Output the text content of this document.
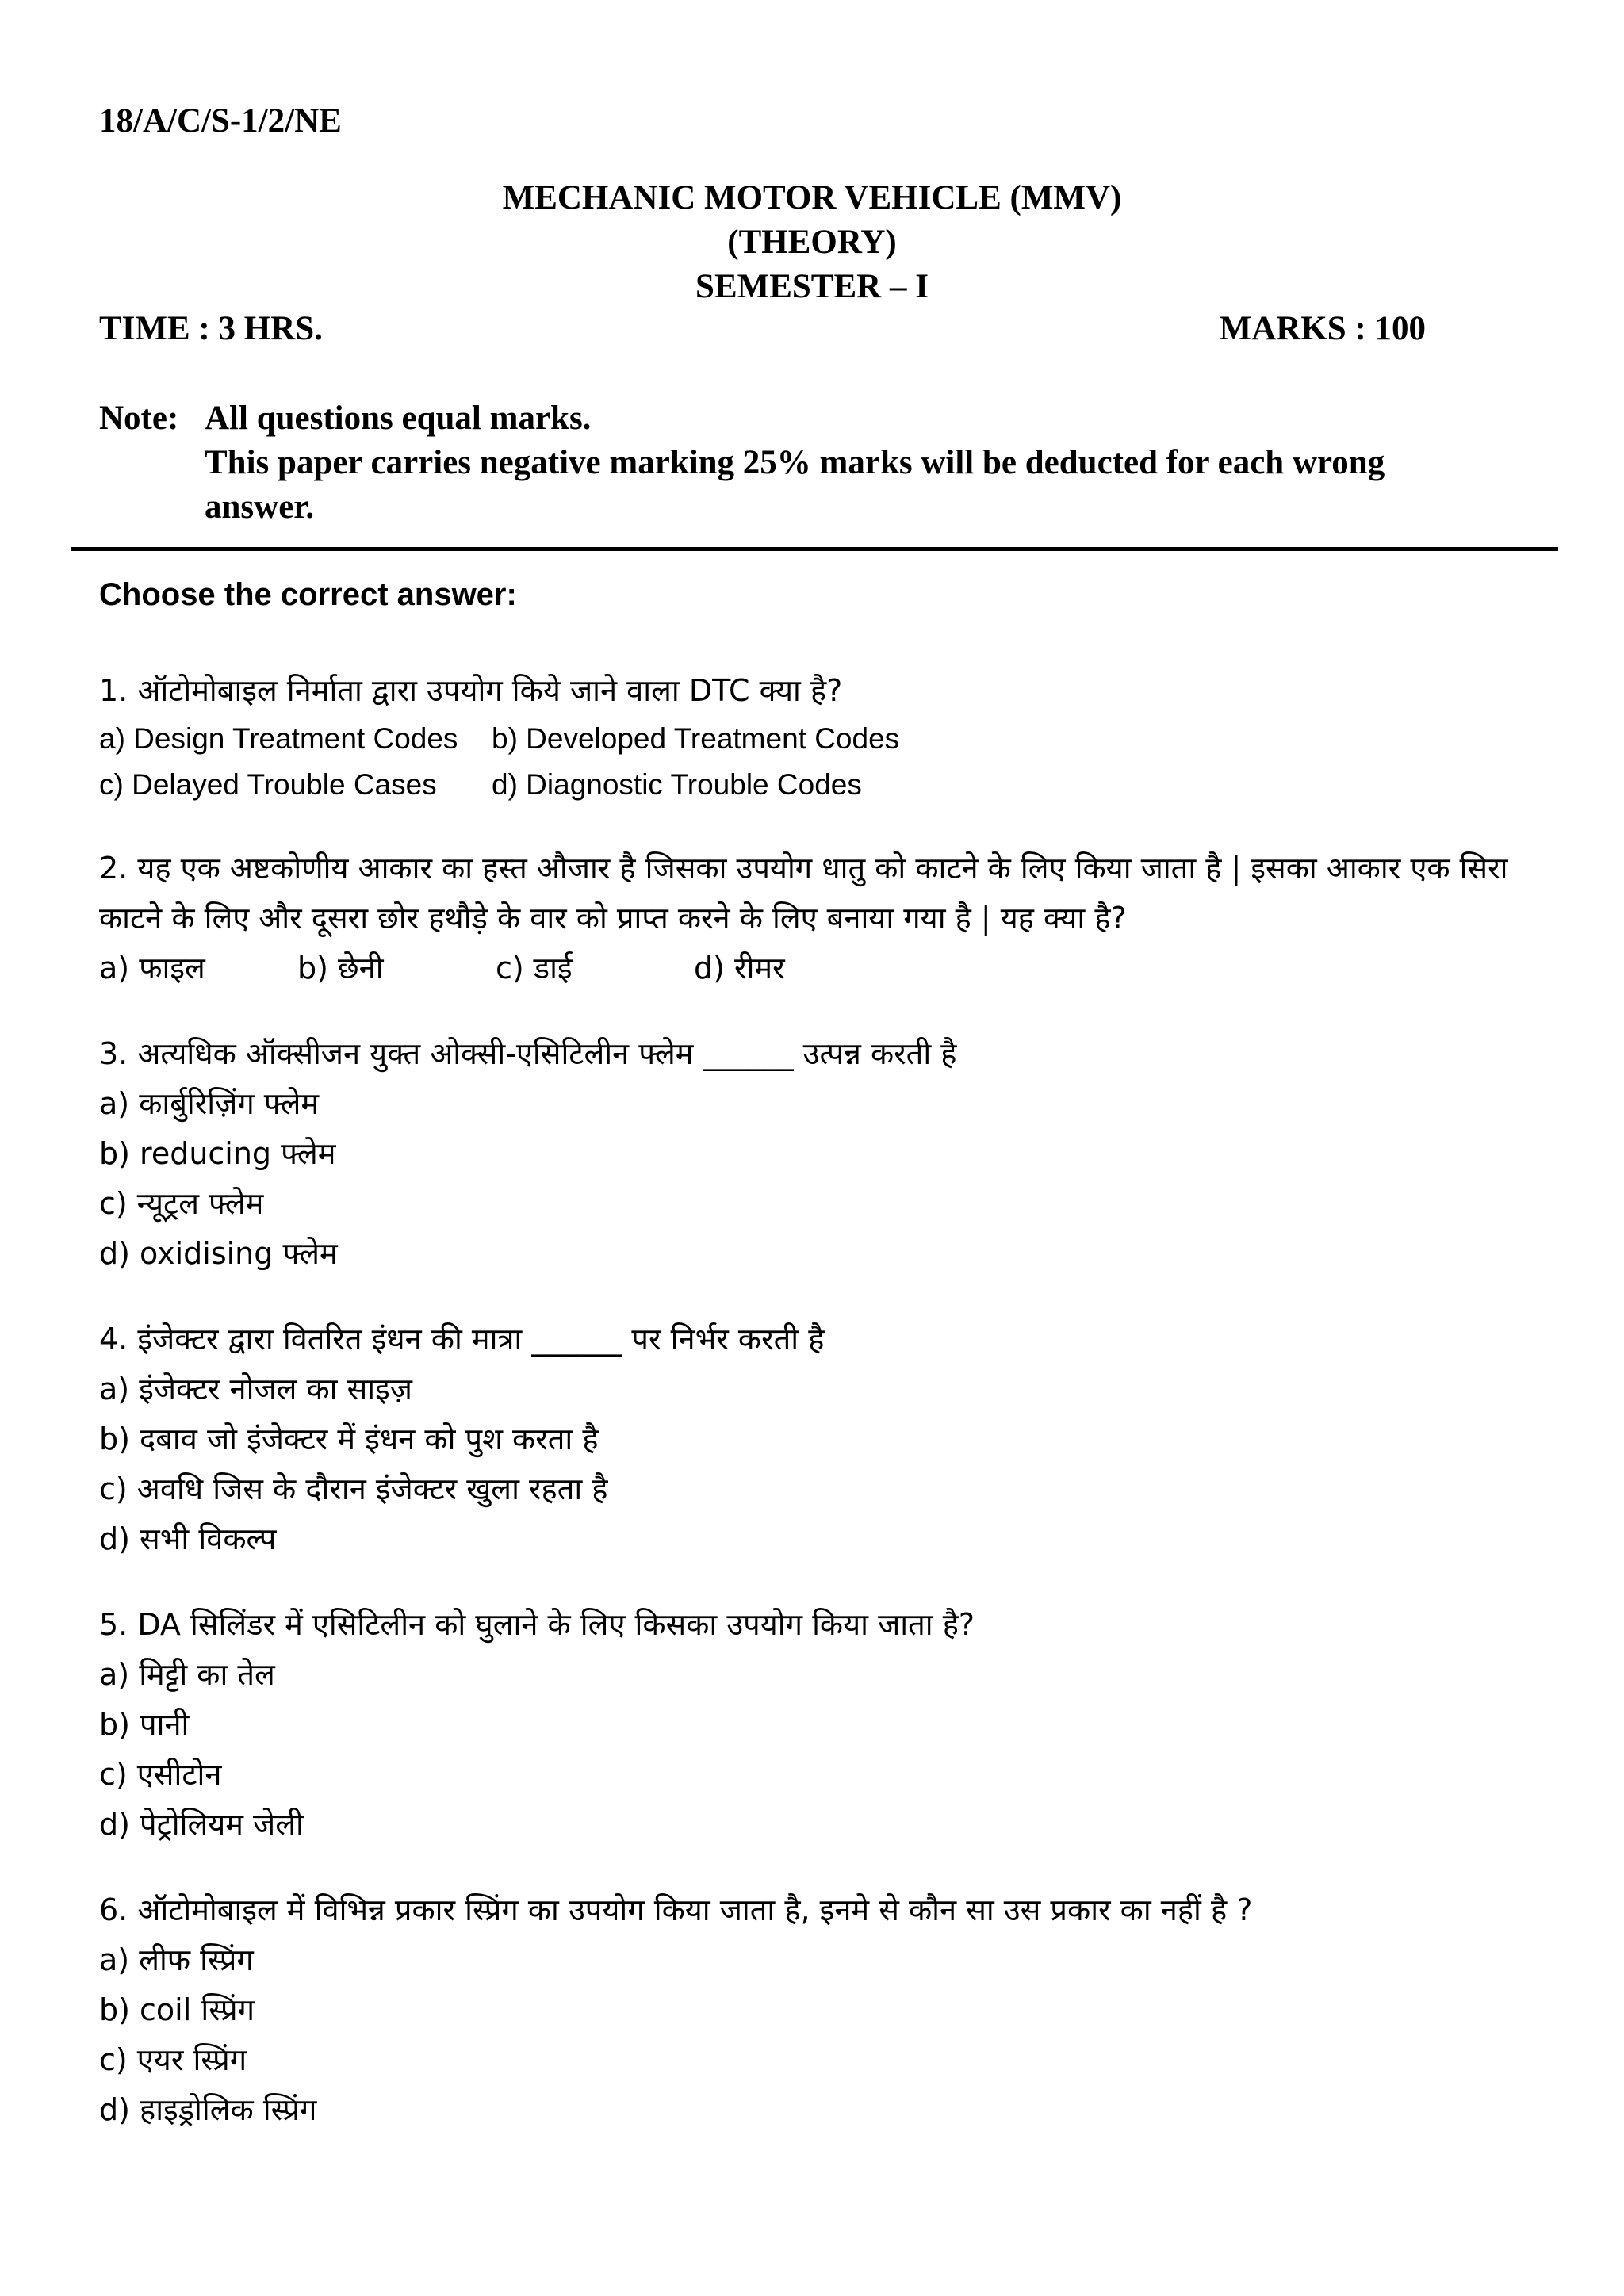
18/A/C/S-1/2/NE
MECHANIC MOTOR VEHICLE (MMV)
(THEORY)
SEMESTER – I
TIME : 3 HRS.	MARKS : 100
Note: All questions equal marks.
This paper carries negative marking 25% marks will be deducted for each wrong answer.
Choose the correct answer:
1. ऑटोमोबाइल निर्माता द्वारा उपयोग किये जाने वाला DTC क्या है?
a) Design Treatment Codes	b) Developed Treatment Codes
c) Delayed Trouble Cases	d) Diagnostic Trouble Codes
2. यह एक अष्टकोणीय आकार का हस्त औजार है जिसका उपयोग धातु को काटने के लिए किया जाता है | इसका आकार एक सिरा काटने के लिए और दूसरा छोर हथौड़े के वार को प्राप्त करने के लिए बनाया गया है | यह क्या है?
a) फाइल	b) छेनी	c) डाई	d) रीमर
3. अत्यधिक ऑक्सीजन युक्त ओक्सी-एसिटिलीन फ्लेम ______ उत्पन्न करती है
a) कार्बुरिज़िंग फ्लेम
b) reducing फ्लेम
c) न्यूट्रल फ्लेम
d) oxidising फ्लेम
4. इंजेक्टर द्वारा वितरित इंधन की मात्रा ______ पर निर्भर करती है
a) इंजेक्टर नोजल का साइज़
b) दबाव जो इंजेक्टर में इंधन को पुश करता है
c) अवधि जिस के दौरान इंजेक्टर खुला रहता है
d) सभी विकल्प
5. DA सिलिंडर में एसिटिलीन को घुलाने के लिए किसका उपयोग किया जाता है?
a) मिट्टी का तेल
b) पानी
c) एसीटोन
d) पेट्रोलियम जेली
6. ऑटोमोबाइल में विभिन्न प्रकार स्प्रिंग का उपयोग किया जाता है, इनमे से कौन सा उस प्रकार का नहीं है ?
a) लीफ स्प्रिंग
b) coil स्प्रिंग
c) एयर स्प्रिंग
d) हाइड्रोलिक स्प्रिंग
